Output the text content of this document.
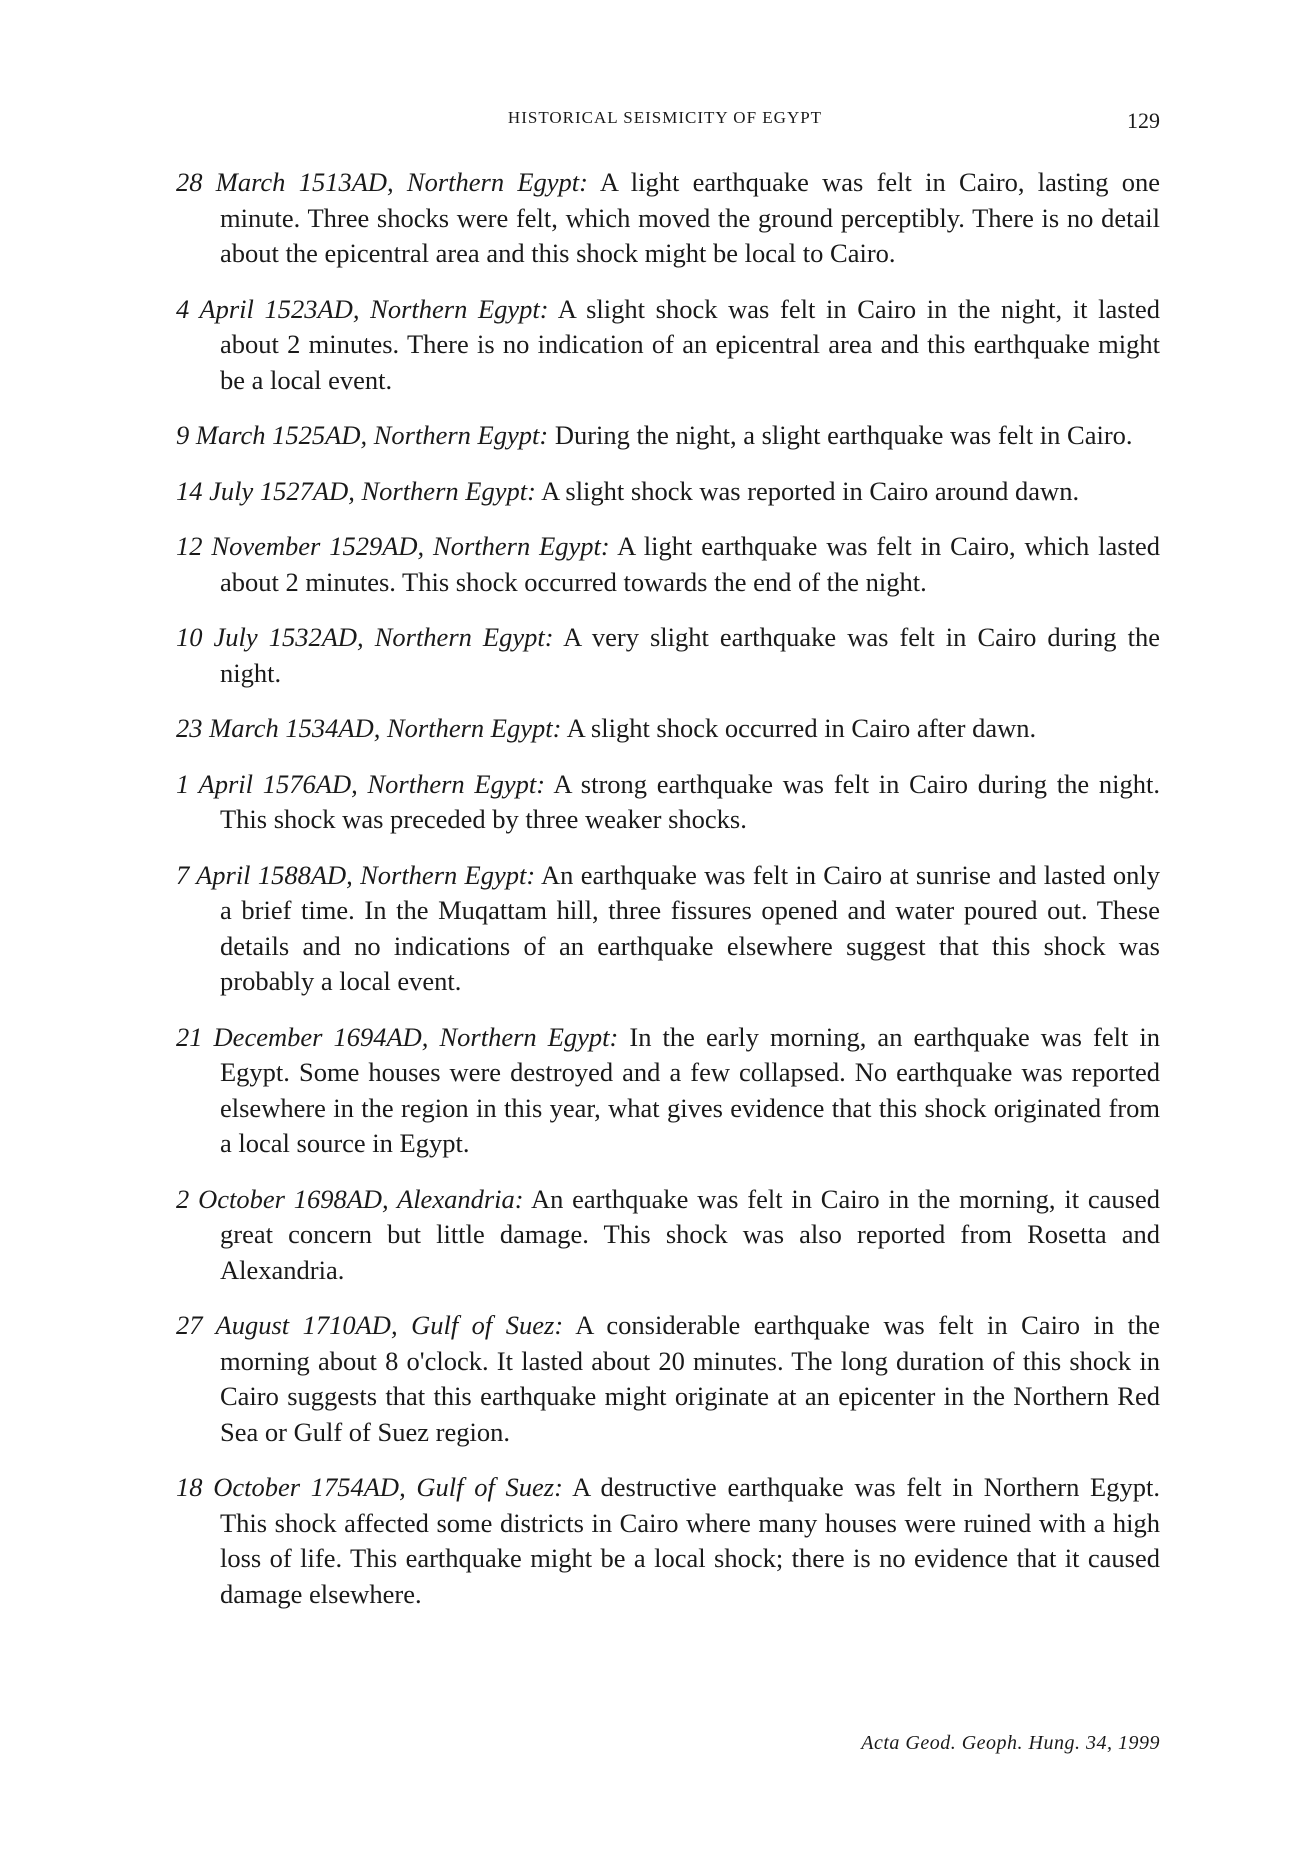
HISTORICAL SEISMICITY OF EGYPT	129

28 March 1513AD, Northern Egypt: A light earthquake was felt in Cairo, lasting one minute. Three shocks were felt, which moved the ground perceptibly. There is no detail about the epicentral area and this shock might be local to Cairo.

4 April 1523AD, Northern Egypt: A slight shock was felt in Cairo in the night, it lasted about 2 minutes. There is no indication of an epicentral area and this earthquake might be a local event.

9 March 1525AD, Northern Egypt: During the night, a slight earthquake was felt in Cairo.

14 July 1527AD, Northern Egypt: A slight shock was reported in Cairo around dawn.

12 November 1529AD, Northern Egypt: A light earthquake was felt in Cairo, which lasted about 2 minutes. This shock occurred towards the end of the night.

10 July 1532AD, Northern Egypt: A very slight earthquake was felt in Cairo during the night.

23 March 1534AD, Northern Egypt: A slight shock occurred in Cairo after dawn.

1 April 1576AD, Northern Egypt: A strong earthquake was felt in Cairo during the night. This shock was preceded by three weaker shocks.

7 April 1588AD, Northern Egypt: An earthquake was felt in Cairo at sunrise and lasted only a brief time. In the Muqattam hill, three fissures opened and water poured out. These details and no indications of an earthquake elsewhere suggest that this shock was probably a local event.

21 December 1694AD, Northern Egypt: In the early morning, an earthquake was felt in Egypt. Some houses were destroyed and a few collapsed. No earthquake was reported elsewhere in the region in this year, what gives evidence that this shock originated from a local source in Egypt.

2 October 1698AD, Alexandria: An earthquake was felt in Cairo in the morning, it caused great concern but little damage. This shock was also reported from Rosetta and Alexandria.

27 August 1710AD, Gulf of Suez: A considerable earthquake was felt in Cairo in the morning about 8 o'clock. It lasted about 20 minutes. The long duration of this shock in Cairo suggests that this earthquake might originate at an epicenter in the Northern Red Sea or Gulf of Suez region.

18 October 1754AD, Gulf of Suez: A destructive earthquake was felt in Northern Egypt. This shock affected some districts in Cairo where many houses were ruined with a high loss of life. This earthquake might be a local shock; there is no evidence that it caused damage elsewhere.

Acta Geod. Geoph. Hung. 34, 1999
